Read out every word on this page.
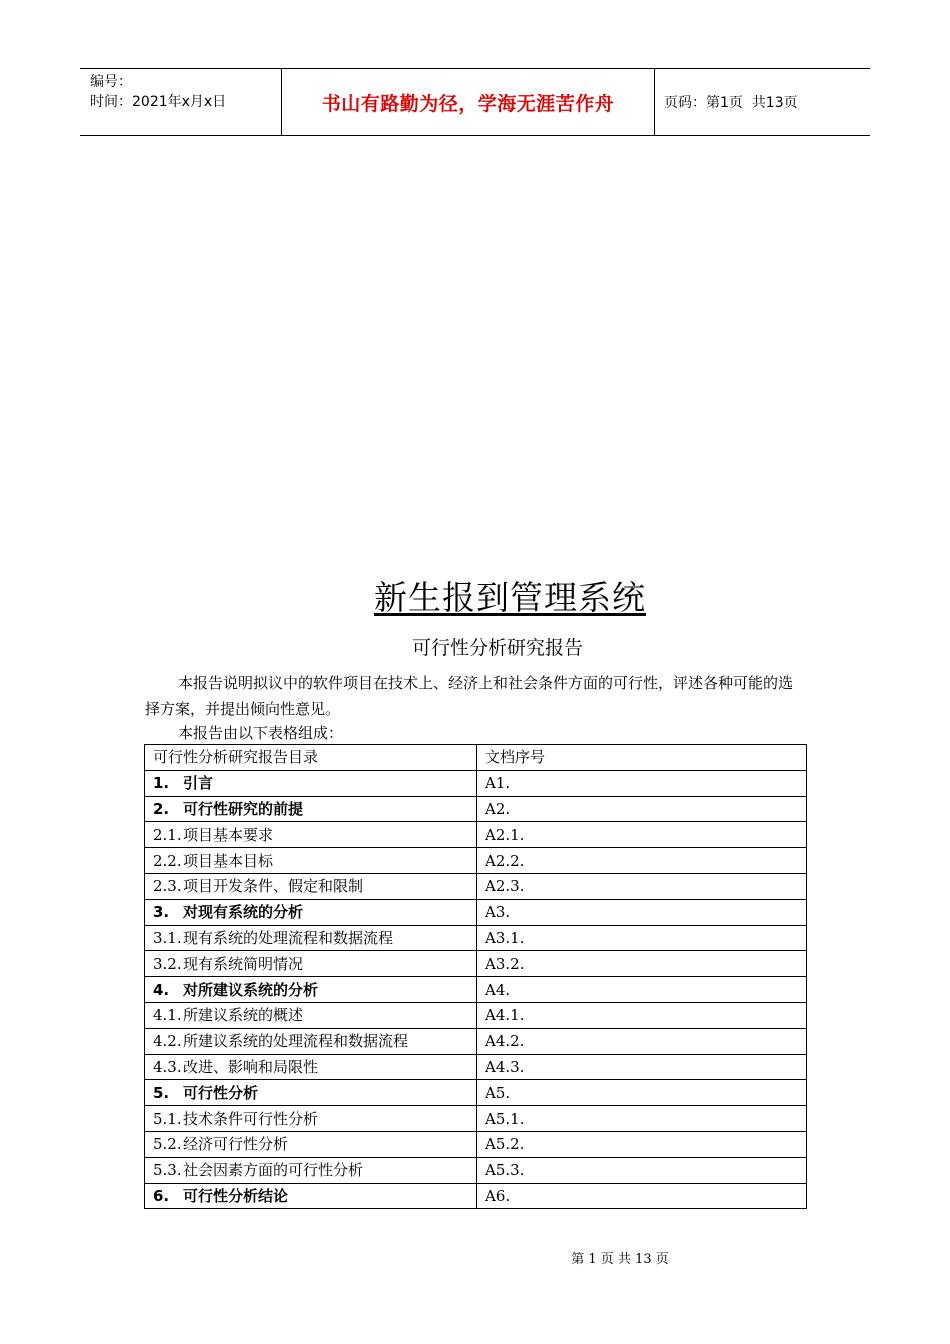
编号：
时间：2021年x月x日	书山有路勤为径，学海无涯苦作舟	页码：第1页  共13页
新生报到管理系统
可行性分析研究报告
本报告说明拟议中的软件项目在技术上、经济上和社会条件方面的可行性，评述各种可能的选择方案，并提出倾向性意见。
本报告由以下表格组成：
可行性分析研究报告目录	文档序号
1. 引言	A1.
2. 可行性研究的前提	A2.
2.1.项目基本要求	A2.1.
2.2.项目基本目标	A2.2.
2.3.项目开发条件、假定和限制	A2.3.
3. 对现有系统的分析	A3.
3.1.现有系统的处理流程和数据流程	A3.1.
3.2.现有系统简明情况	A3.2.
4. 对所建议系统的分析	A4.
4.1.所建议系统的概述	A4.1.
4.2.所建议系统的处理流程和数据流程	A4.2.
4.3.改进、影响和局限性	A4.3.
5. 可行性分析	A5.
5.1.技术条件可行性分析	A5.1.
5.2.经济可行性分析	A5.2.
5.3.社会因素方面的可行性分析	A5.3.
6. 可行性分析结论	A6.
第 1 页 共 13 页
